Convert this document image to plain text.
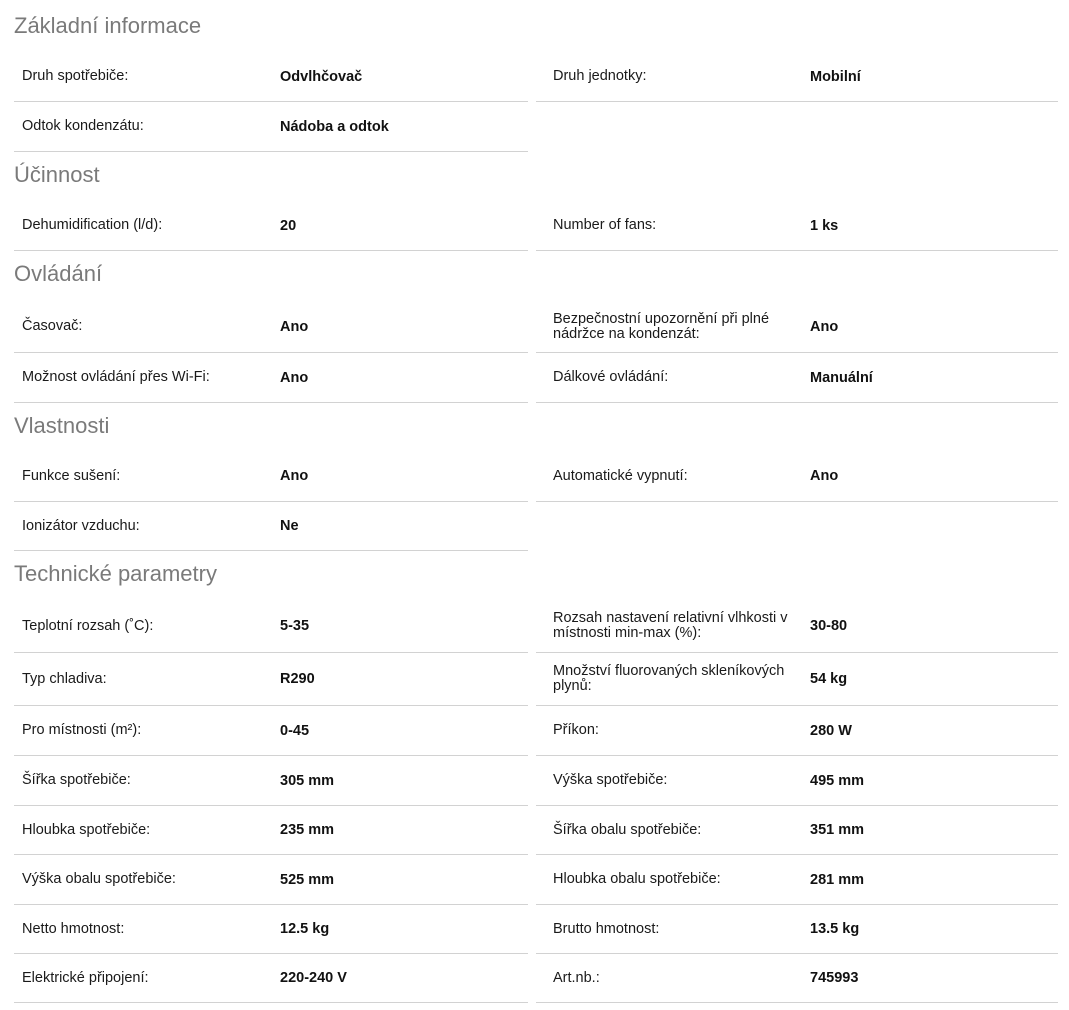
Základní informace
Druh spotřebiče:	Odvlhčovač	Druh jednotky:	Mobilní
Odtok kondenzátu:	Nádoba a odtok
Účinnost
Dehumidification (l/d):	20	Number of fans:	1 ks
Ovládání
Časovač:	Ano	Bezpečnostní upozornění při plné nádržce na kondenzát:	Ano
Možnost ovládání přes Wi-Fi:	Ano	Dálkové ovládání:	Manuální
Vlastnosti
Funkce sušení:	Ano	Automatické vypnutí:	Ano
Ionizátor vzduchu:	Ne
Technické parametry
Teplotní rozsah (˚C):	5-35	Rozsah nastavení relativní vlhkosti v místnosti min-max (%):	30-80
Typ chladiva:	R290	Množství fluorovaných skleníkových plynů:	54 kg
Pro místnosti (m²):	0-45	Příkon:	280 W
Šířka spotřebiče:	305 mm	Výška spotřebiče:	495 mm
Hloubka spotřebiče:	235 mm	Šířka obalu spotřebiče:	351 mm
Výška obalu spotřebiče:	525 mm	Hloubka obalu spotřebiče:	281 mm
Netto hmotnost:	12.5 kg	Brutto hmotnost:	13.5 kg
Elektrické připojení:	220-240 V	Art.nb.:	745993
